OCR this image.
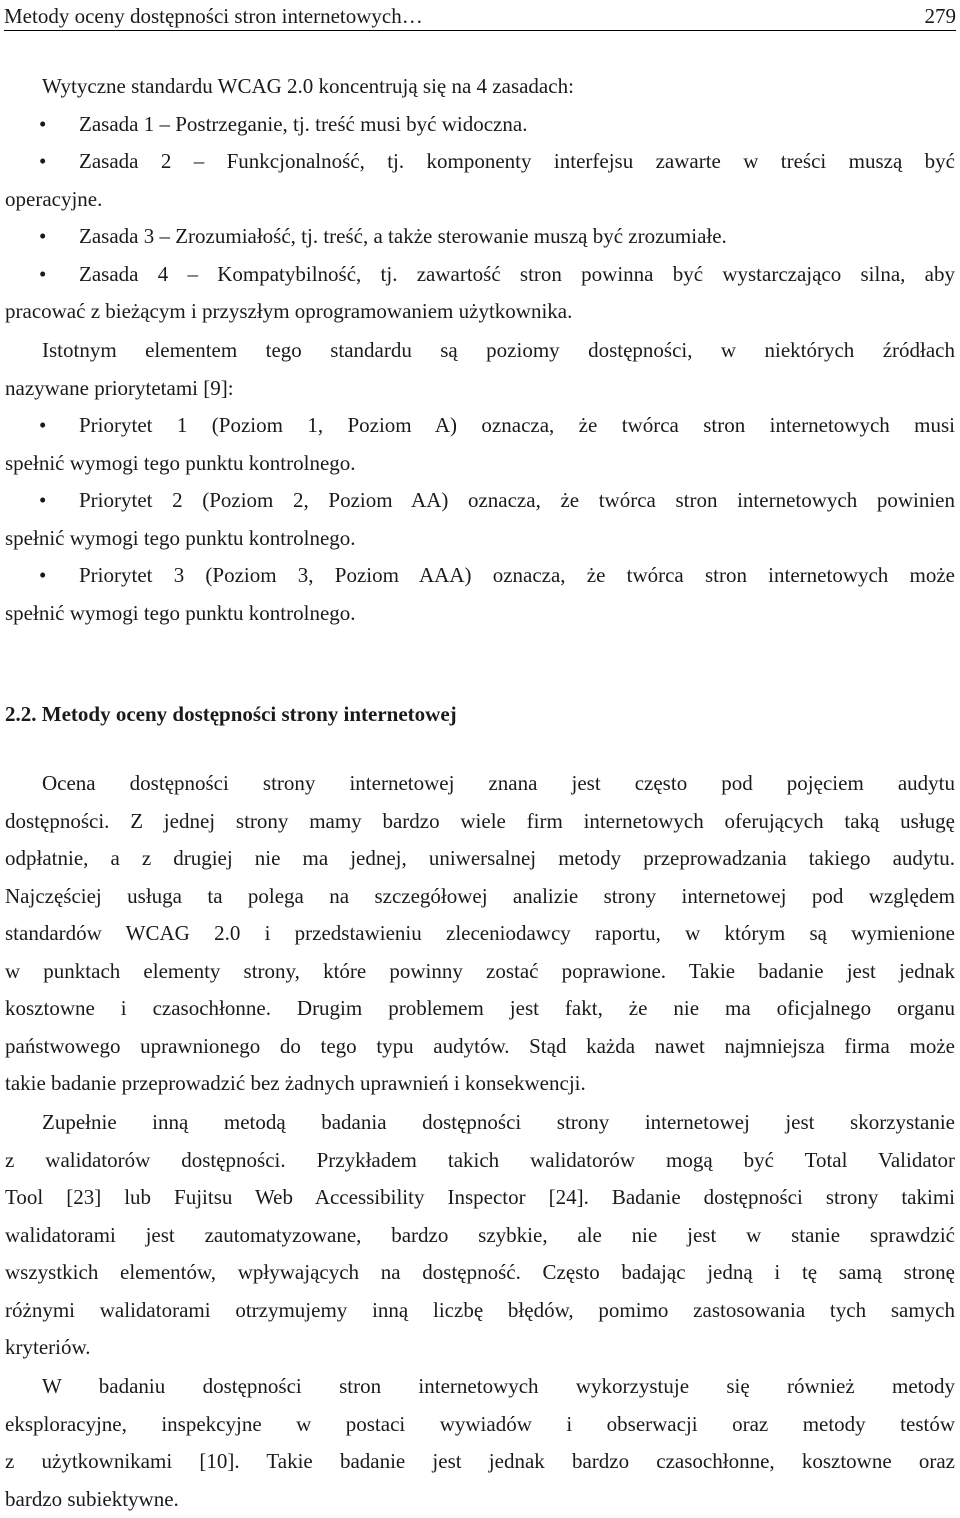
Metody oceny dostępności stron internetowych…	279
Wytyczne standardu WCAG 2.0 koncentrują się na 4 zasadach:
• Zasada 1 – Postrzeganie, tj. treść musi być widoczna.
•	Zasada 2 – Funkcjonalność, tj. komponenty interfejsu zawarte w treści muszą być
operacyjne.
• Zasada 3 – Zrozumiałość, tj. treść, a także sterowanie muszą być zrozumiałe.
•	Zasada 4 – Kompatybilność, tj. zawartość stron powinna być wystarczająco silna, aby
pracować z bieżącym i przyszłym oprogramowaniem użytkownika.
Istotnym elementem tego standardu są poziomy dostępności, w niektórych źródłach
nazywane priorytetami [9]:
•	Priorytet 1 (Poziom 1, Poziom A) oznacza, że twórca stron internetowych musi
spełnić wymogi tego punktu kontrolnego.
•	Priorytet 2 (Poziom 2, Poziom AA) oznacza, że twórca stron internetowych powinien
spełnić wymogi tego punktu kontrolnego.
•	Priorytet 3 (Poziom 3, Poziom AAA) oznacza, że twórca stron internetowych może
spełnić wymogi tego punktu kontrolnego.
2.2. Metody oceny dostępności strony internetowej
Ocena dostępności strony internetowej znana jest często pod pojęciem audytu
dostępności. Z jednej strony mamy bardzo wiele firm internetowych oferujących taką usługę
odpłatnie, a z drugiej nie ma jednej, uniwersalnej metody przeprowadzania takiego audytu.
Najczęściej usługa ta polega na szczegółowej analizie strony internetowej pod względem
standardów WCAG 2.0 i przedstawieniu zleceniodawcy raportu, w którym są wymienione
w punktach elementy strony, które powinny zostać poprawione. Takie badanie jest jednak
kosztowne i czasochłonne. Drugim problemem jest fakt, że nie ma oficjalnego organu
państwowego uprawnionego do tego typu audytów. Stąd każda nawet najmniejsza firma może
takie badanie przeprowadzić bez żadnych uprawnień i konsekwencji.
Zupełnie inną metodą badania dostępności strony internetowej jest skorzystanie
z walidatorów dostępności. Przykładem takich walidatorów mogą być Total Validator
Tool [23] lub Fujitsu Web Accessibility Inspector [24]. Badanie dostępności strony takimi
walidatorami jest zautomatyzowane, bardzo szybkie, ale nie jest w stanie sprawdzić
wszystkich elementów, wpływających na dostępność. Często badając jedną i tę samą stronę
różnymi walidatorami otrzymujemy inną liczbę błędów, pomimo zastosowania tych samych
kryteriów.
W badaniu dostępności stron internetowych wykorzystuje się również metody
eksploracyjne, inspekcyjne w postaci wywiadów i obserwacji oraz metody testów
z użytkownikami [10]. Takie badanie jest jednak bardzo czasochłonne, kosztowne oraz
bardzo subiektywne.
